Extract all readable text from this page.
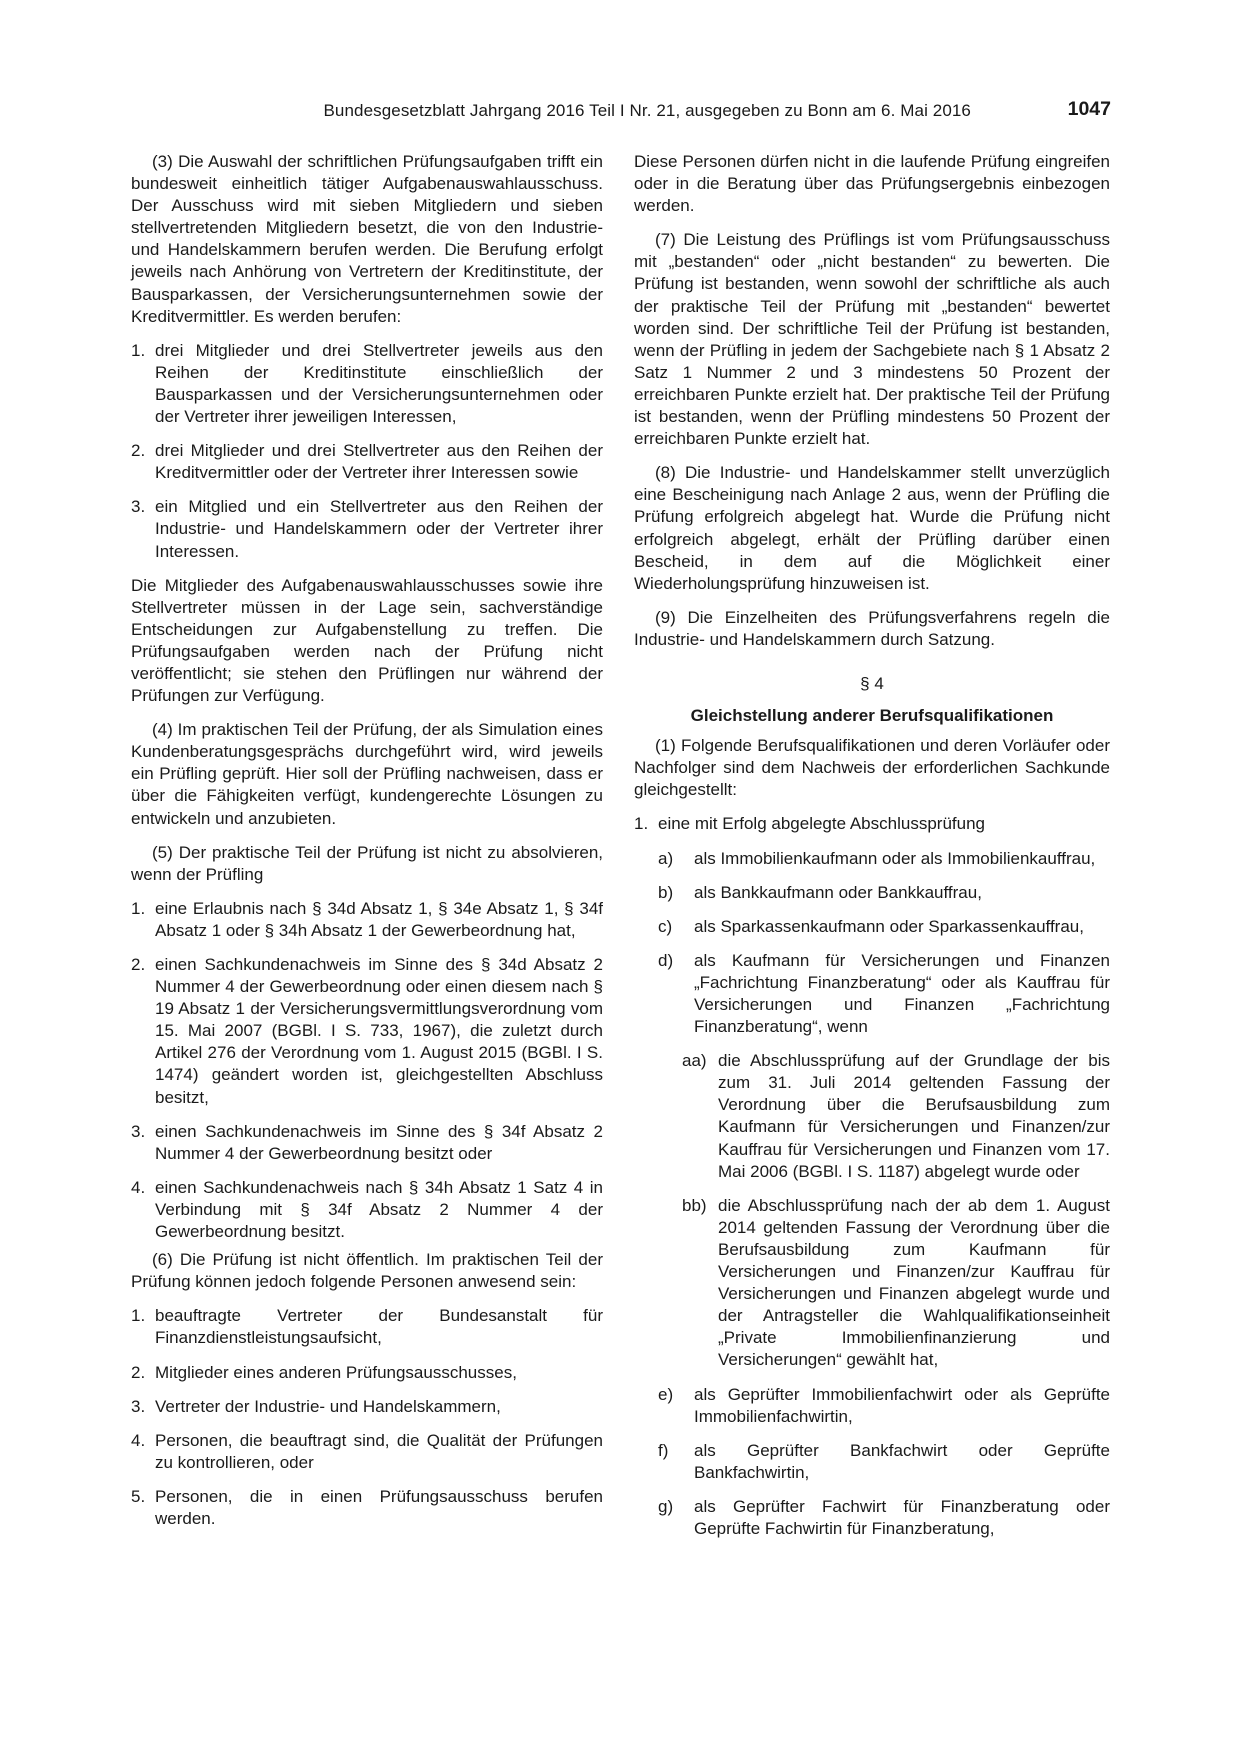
Bundesgesetzblatt Jahrgang 2016 Teil I Nr. 21, ausgegeben zu Bonn am 6. Mai 2016	1047

(3) Die Auswahl der schriftlichen Prüfungsaufgaben trifft ein bundesweit einheitlich tätiger Aufgabenauswahlausschuss. Der Ausschuss wird mit sieben Mitgliedern und sieben stellvertretenden Mitgliedern besetzt, die von den Industrie- und Handelskammern berufen werden. Die Berufung erfolgt jeweils nach Anhörung von Vertretern der Kreditinstitute, der Bausparkassen, der Versicherungsunternehmen sowie der Kreditvermittler. Es werden berufen:

1. drei Mitglieder und drei Stellvertreter jeweils aus den Reihen der Kreditinstitute einschließlich der Bausparkassen und der Versicherungsunternehmen oder der Vertreter ihrer jeweiligen Interessen,
2. drei Mitglieder und drei Stellvertreter aus den Reihen der Kreditvermittler oder der Vertreter ihrer Interessen sowie
3. ein Mitglied und ein Stellvertreter aus den Reihen der Industrie- und Handelskammern oder der Vertreter ihrer Interessen.

Die Mitglieder des Aufgabenauswahlausschusses sowie ihre Stellvertreter müssen in der Lage sein, sachverständige Entscheidungen zur Aufgabenstellung zu treffen. Die Prüfungsaufgaben werden nach der Prüfung nicht veröffentlicht; sie stehen den Prüflingen nur während der Prüfungen zur Verfügung.

(4) Im praktischen Teil der Prüfung, der als Simulation eines Kundenberatungsgesprächs durchgeführt wird, wird jeweils ein Prüfling geprüft. Hier soll der Prüfling nachweisen, dass er über die Fähigkeiten verfügt, kundengerechte Lösungen zu entwickeln und anzubieten.

(5) Der praktische Teil der Prüfung ist nicht zu absolvieren, wenn der Prüfling

1. eine Erlaubnis nach § 34d Absatz 1, § 34e Absatz 1, § 34f Absatz 1 oder § 34h Absatz 1 der Gewerbeordnung hat,
2. einen Sachkundenachweis im Sinne des § 34d Absatz 2 Nummer 4 der Gewerbeordnung oder einen diesem nach § 19 Absatz 1 der Versicherungsvermittlungsverordnung vom 15. Mai 2007 (BGBl. I S. 733, 1967), die zuletzt durch Artikel 276 der Verordnung vom 1. August 2015 (BGBl. I S. 1474) geändert worden ist, gleichgestellten Abschluss besitzt,
3. einen Sachkundenachweis im Sinne des § 34f Absatz 2 Nummer 4 der Gewerbeordnung besitzt oder
4. einen Sachkundenachweis nach § 34h Absatz 1 Satz 4 in Verbindung mit § 34f Absatz 2 Nummer 4 der Gewerbeordnung besitzt.

(6) Die Prüfung ist nicht öffentlich. Im praktischen Teil der Prüfung können jedoch folgende Personen anwesend sein:

1. beauftragte Vertreter der Bundesanstalt für Finanzdienstleistungsaufsicht,
2. Mitglieder eines anderen Prüfungsausschusses,
3. Vertreter der Industrie- und Handelskammern,
4. Personen, die beauftragt sind, die Qualität der Prüfungen zu kontrollieren, oder
5. Personen, die in einen Prüfungsausschuss berufen werden.

Diese Personen dürfen nicht in die laufende Prüfung eingreifen oder in die Beratung über das Prüfungsergebnis einbezogen werden.

(7) Die Leistung des Prüflings ist vom Prüfungsausschuss mit „bestanden“ oder „nicht bestanden“ zu bewerten. Die Prüfung ist bestanden, wenn sowohl der schriftliche als auch der praktische Teil der Prüfung mit „bestanden“ bewertet worden sind. Der schriftliche Teil der Prüfung ist bestanden, wenn der Prüfling in jedem der Sachgebiete nach § 1 Absatz 2 Satz 1 Nummer 2 und 3 mindestens 50 Prozent der erreichbaren Punkte erzielt hat. Der praktische Teil der Prüfung ist bestanden, wenn der Prüfling mindestens 50 Prozent der erreichbaren Punkte erzielt hat.

(8) Die Industrie- und Handelskammer stellt unverzüglich eine Bescheinigung nach Anlage 2 aus, wenn der Prüfling die Prüfung erfolgreich abgelegt hat. Wurde die Prüfung nicht erfolgreich abgelegt, erhält der Prüfling darüber einen Bescheid, in dem auf die Möglichkeit einer Wiederholungsprüfung hinzuweisen ist.

(9) Die Einzelheiten des Prüfungsverfahrens regeln die Industrie- und Handelskammern durch Satzung.

§ 4
Gleichstellung anderer Berufsqualifikationen

(1) Folgende Berufsqualifikationen und deren Vorläufer oder Nachfolger sind dem Nachweis der erforderlichen Sachkunde gleichgestellt:

1. eine mit Erfolg abgelegte Abschlussprüfung
a) als Immobilienkaufmann oder als Immobilienkauffrau,
b) als Bankkaufmann oder Bankkauffrau,
c) als Sparkassenkaufmann oder Sparkassenkauffrau,
d) als Kaufmann für Versicherungen und Finanzen „Fachrichtung Finanzberatung“ oder als Kauffrau für Versicherungen und Finanzen „Fachrichtung Finanzberatung“, wenn
aa) die Abschlussprüfung auf der Grundlage der bis zum 31. Juli 2014 geltenden Fassung der Verordnung über die Berufsausbildung zum Kaufmann für Versicherungen und Finanzen/zur Kauffrau für Versicherungen und Finanzen vom 17. Mai 2006 (BGBl. I S. 1187) abgelegt wurde oder
bb) die Abschlussprüfung nach der ab dem 1. August 2014 geltenden Fassung der Verordnung über die Berufsausbildung zum Kaufmann für Versicherungen und Finanzen/zur Kauffrau für Versicherungen und Finanzen abgelegt wurde und der Antragsteller die Wahlqualifikationseinheit „Private Immobilienfinanzierung und Versicherungen“ gewählt hat,
e) als Geprüfter Immobilienfachwirt oder als Geprüfte Immobilienfachwirtin,
f) als Geprüfter Bankfachwirt oder Geprüfte Bankfachwirtin,
g) als Geprüfter Fachwirt für Finanzberatung oder Geprüfte Fachwirtin für Finanzberatung,
